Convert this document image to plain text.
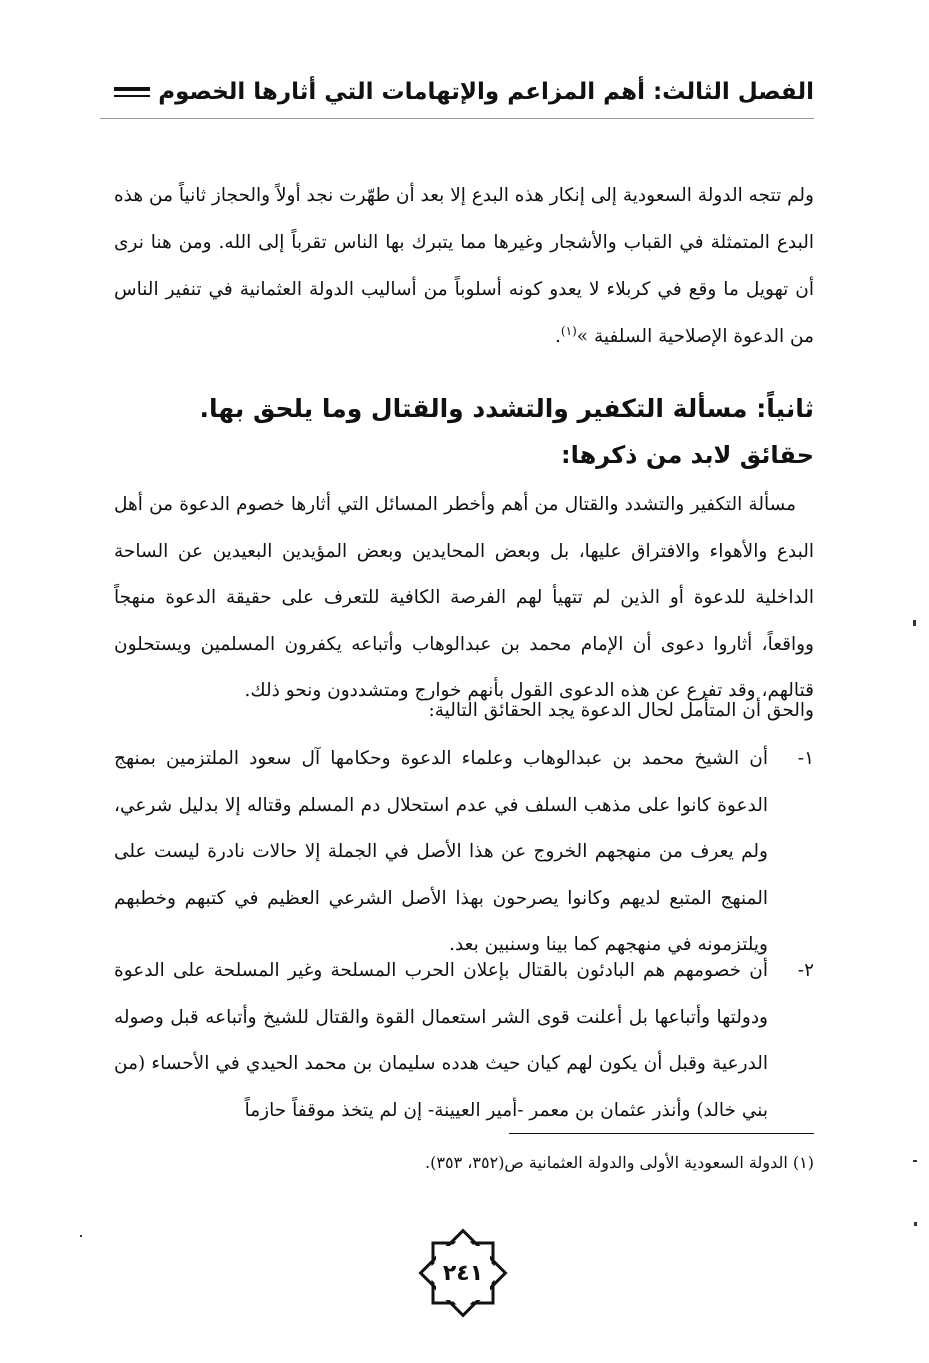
الفصل الثالث: أهم المزاعم والإتهامات التي أثارها الخصوم

ولم تتجه الدولة السعودية إلى إنكار هذه البدع إلا بعد أن طهّرت نجد أولاً والحجاز ثانياً من هذه البدع المتمثلة في القباب والأشجار وغيرها مما يتبرك بها الناس تقرباً إلى الله. ومن هنا نرى أن تهويل ما وقع في كربلاء لا يعدو كونه أسلوباً من أساليب الدولة العثمانية في تنفير الناس من الدعوة الإصلاحية السلفية »$^{(١)}$.

ثانياً: مسألة التكفير والتشدد والقتال وما يلحق بها.
حقائق لابد من ذكرها:

مسألة التكفير والتشدد والقتال من أهم وأخطر المسائل التي أثارها خصوم الدعوة من أهل البدع والأهواء والافتراق عليها، بل وبعض المحايدين وبعض المؤيدين البعيدين عن الساحة الداخلية للدعوة أو الذين لم تتهيأ لهم الفرصة الكافية للتعرف على حقيقة الدعوة منهجاً وواقعاً، أثاروا دعوى أن الإمام محمد بن عبدالوهاب وأتباعه يكفرون المسلمين ويستحلون قتالهم، وقد تفرع عن هذه الدعوى القول بأنهم خوارج ومتشددون ونحو ذلك.

والحق أن المتأمل لحال الدعوة يجد الحقائق التالية:
١-
أن الشيخ محمد بن عبدالوهاب وعلماء الدعوة وحكامها آل سعود الملتزمين بمنهج الدعوة كانوا على مذهب السلف في عدم استحلال دم المسلم وقتاله إلا بدليل شرعي، ولم يعرف من منهجهم الخروج عن هذا الأصل في الجملة إلا حالات نادرة ليست على المنهج المتبع لديهم وكانوا يصرحون بهذا الأصل الشرعي العظيم في كتبهم وخطبهم ويلتزمونه في منهجهم كما بينا وسنبين بعد.
٢-
أن خصومهم هم البادئون بالقتال بإعلان الحرب المسلحة وغير المسلحة على الدعوة ودولتها وأتباعها بل أعلنت قوى الشر استعمال القوة والقتال للشيخ وأتباعه قبل وصوله الدرعية وقبل أن يكون لهم كيان حيث هدده سليمان بن محمد الحيدي في الأحساء (من بني خالد) وأنذر عثمان بن معمر -أمير العيينة- إن لم يتخذ موقفاً حازماً
(١) الدولة السعودية الأولى والدولة العثمانية ص(٣٥٢، ٣٥٣).
٢٤١
